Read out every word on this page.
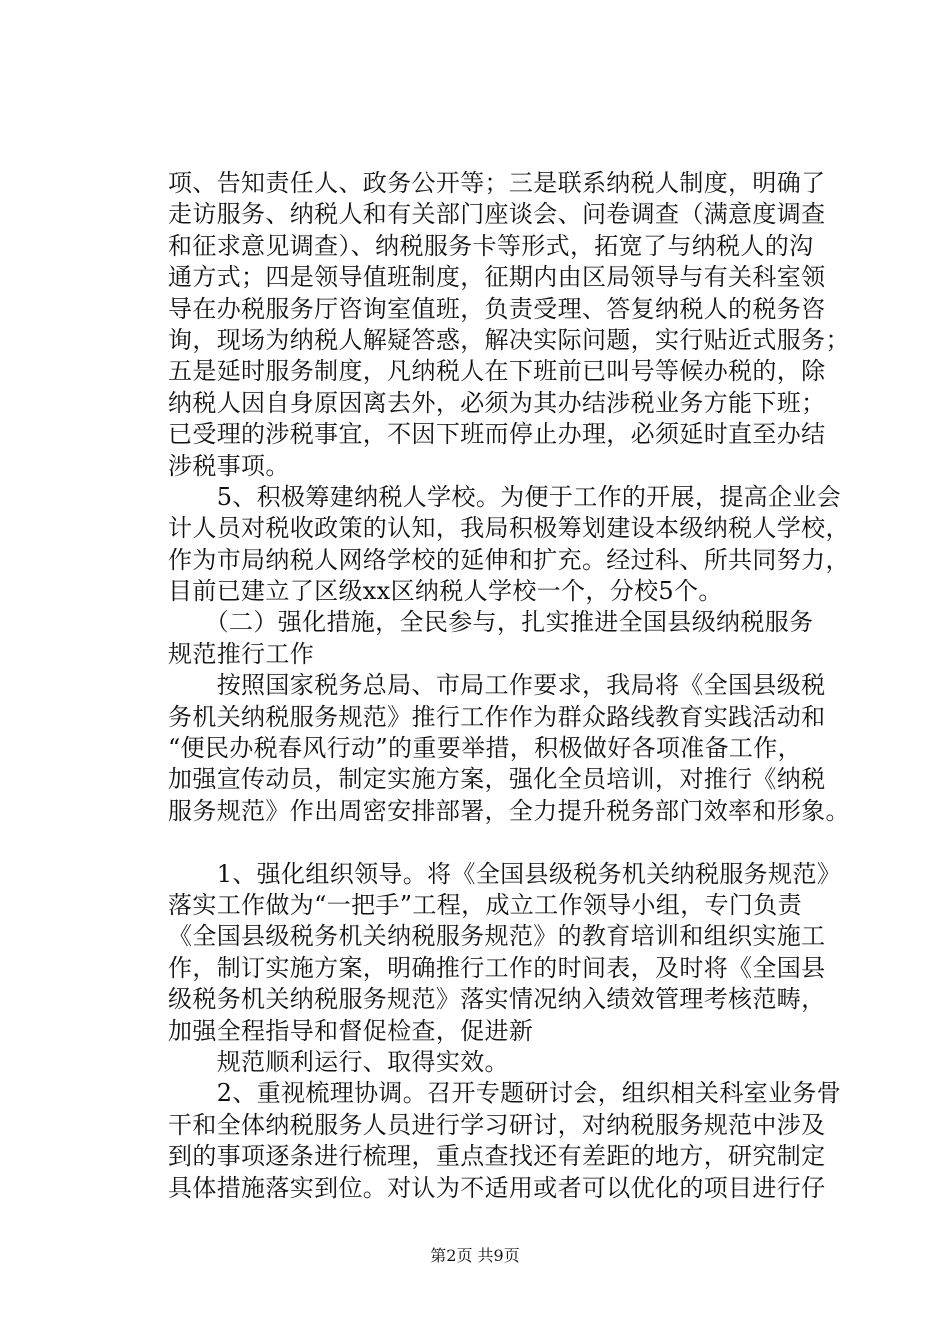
项、告知责任人、政务公开等；三是联系纳税人制度，明确了
走访服务、纳税人和有关部门座谈会、问卷调查（满意度调查
和征求意见调查）、纳税服务卡等形式，拓宽了与纳税人的沟
通方式；四是领导值班制度，征期内由区局领导与有关科室领
导在办税服务厅咨询室值班，负责受理、答复纳税人的税务咨
询，现场为纳税人解疑答惑，解决实际问题，实行贴近式服务；
五是延时服务制度，凡纳税人在下班前已叫号等候办税的，除
纳税人因自身原因离去外，必须为其办结涉税业务方能下班；
已受理的涉税事宜，不因下班而停止办理，必须延时直至办结
涉税事项。
　　5、积极筹建纳税人学校。为便于工作的开展，提高企业会
计人员对税收政策的认知，我局积极筹划建设本级纳税人学校，
作为市局纳税人网络学校的延伸和扩充。经过科、所共同努力，
目前已建立了区级xx区纳税人学校一个，分校5个。
　　（二）强化措施，全民参与，扎实推进全国县级纳税服务
规范推行工作
　　按照国家税务总局、市局工作要求，我局将《全国县级税
务机关纳税服务规范》推行工作作为群众路线教育实践活动和
“便民办税春风行动”的重要举措，积极做好各项准备工作，
加强宣传动员，制定实施方案，强化全员培训，对推行《纳税
服务规范》作出周密安排部署，全力提升税务部门效率和形象。
　　1、强化组织领导。将《全国县级税务机关纳税服务规范》
落实工作做为“一把手”工程，成立工作领导小组，专门负责
《全国县级税务机关纳税服务规范》的教育培训和组织实施工
作，制订实施方案，明确推行工作的时间表，及时将《全国县
级税务机关纳税服务规范》落实情况纳入绩效管理考核范畴，
加强全程指导和督促检查，促进新
　　规范顺利运行、取得实效。
　　2、重视梳理协调。召开专题研讨会，组织相关科室业务骨
干和全体纳税服务人员进行学习研讨，对纳税服务规范中涉及
到的事项逐条进行梳理，重点查找还有差距的地方，研究制定
具体措施落实到位。对认为不适用或者可以优化的项目进行仔
第2页 共9页
